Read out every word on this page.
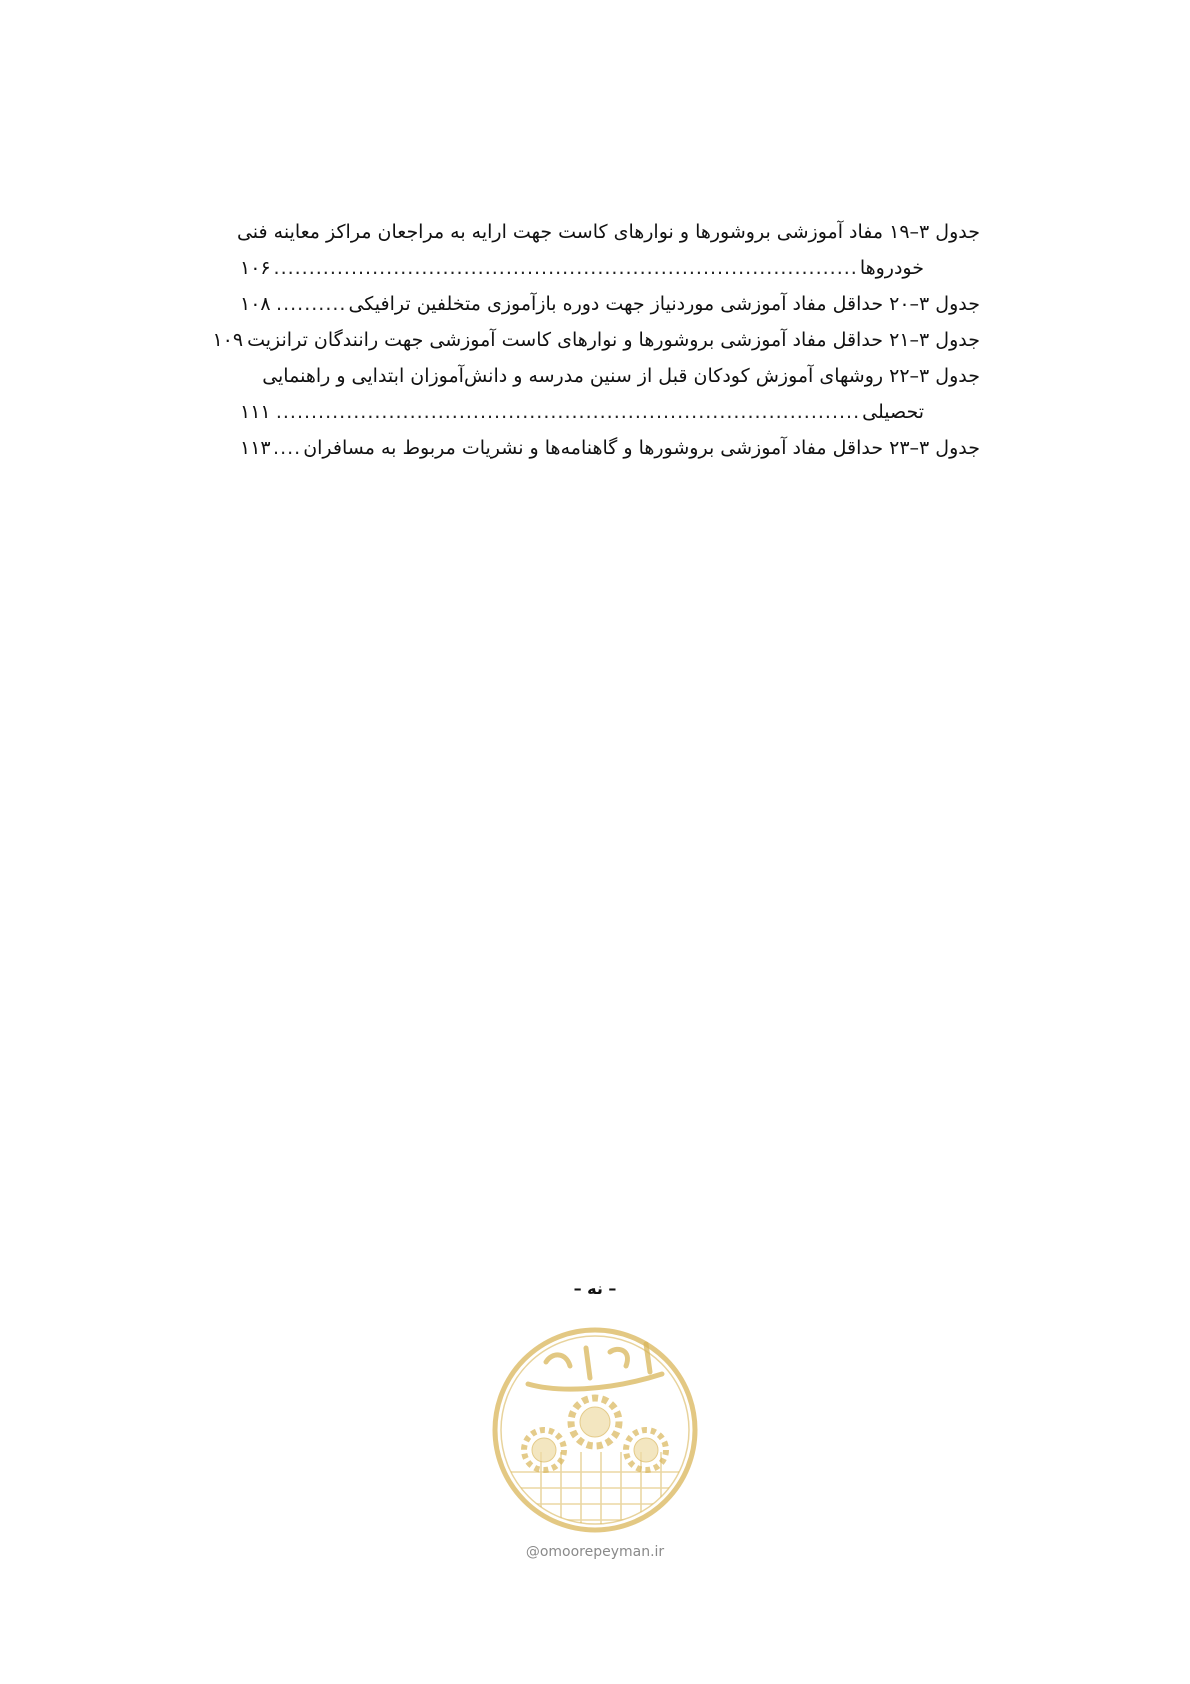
جدول ۳–۱۹ مفاد آموزشی بروشورها و نوارهای کاست جهت ارایه به مراجعان مراکز معاینه فنی
خودروها
.....
۱۰۶
جدول ۳–۲۰ حداقل مفاد آموزشی موردنیاز جهت دوره بازآموزی متخلفین ترافیکی
.....
۱۰۸
جدول ۳–۲۱ حداقل مفاد آموزشی بروشورها و نوارهای کاست آموزشی جهت رانندگان ترانزیت
۱۰۹
جدول ۳–۲۲ روشهای آموزش کودکان قبل از سنین مدرسه و دانش‌آموزان ابتدایی و راهنمایی
تحصیلی
.....
۱۱۱
جدول ۳–۲۳ حداقل مفاد آموزشی بروشورها و گاهنامه‌ها و نشریات مربوط به مسافران
.....
۱۱۳
– نه –
@omoorepeyman.ir
